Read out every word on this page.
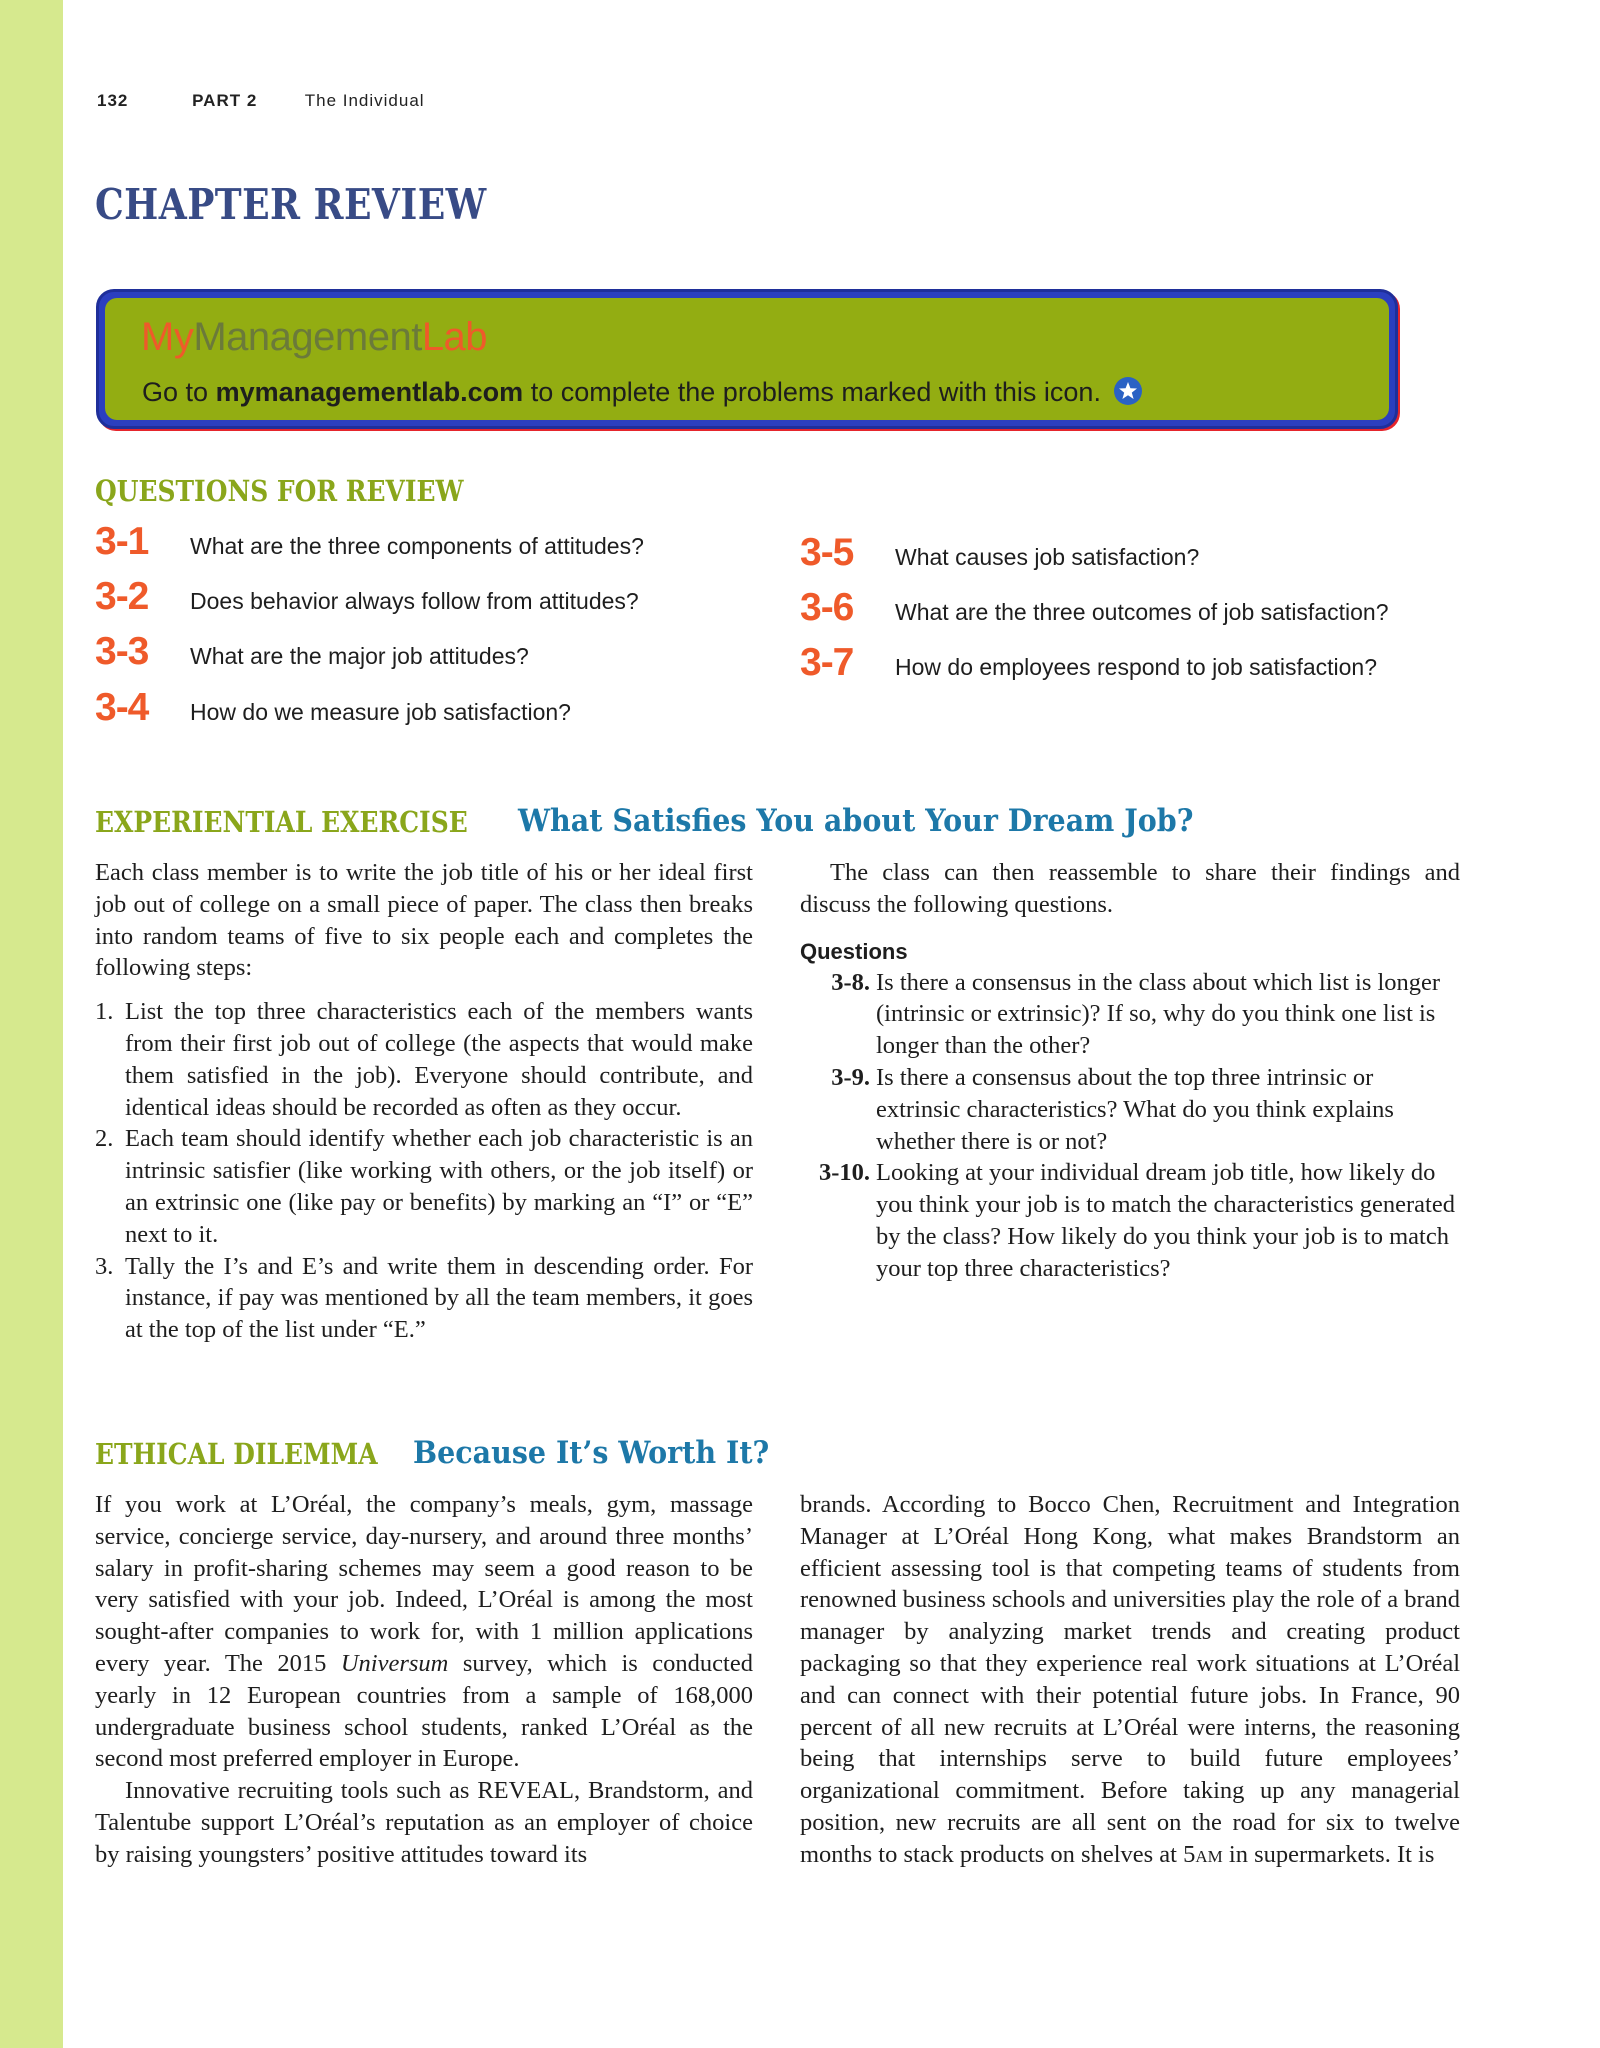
132	PART 2	The Individual
CHAPTER REVIEW
MyManagementLab
Go to mymanagementlab.com to complete the problems marked with this icon.
QUESTIONS FOR REVIEW
3-1	What are the three components of attitudes?
3-2	Does behavior always follow from attitudes?
3-3	What are the major job attitudes?
3-4	How do we measure job satisfaction?
3-5	What causes job satisfaction?
3-6	What are the three outcomes of job satisfaction?
3-7	How do employees respond to job satisfaction?
EXPERIENTIAL EXERCISE What Satisfies You about Your Dream Job?

Each class member is to write the job title of his or her ideal first job out of college on a small piece of paper. The class then breaks into random teams of five to six people each and completes the following steps:

1. List the top three characteristics each of the members wants from their first job out of college (the aspects that would make them satisfied in the job). Everyone should contribute, and identical ideas should be recorded as often as they occur.
2. Each team should identify whether each job characteristic is an intrinsic satisfier (like working with others, or the job itself) or an extrinsic one (like pay or benefits) by marking an “I” or “E” next to it.
3. Tally the I’s and E’s and write them in descending order. For instance, if pay was mentioned by all the team members, it goes at the top of the list under “E.”

The class can then reassemble to share their findings and discuss the following questions.

Questions
3-8. Is there a consensus in the class about which list is longer (intrinsic or extrinsic)? If so, why do you think one list is longer than the other?
3-9. Is there a consensus about the top three intrinsic or extrinsic characteristics? What do you think explains whether there is or not?
3-10. Looking at your individual dream job title, how likely do you think your job is to match the characteristics generated by the class? How likely do you think your job is to match your top three characteristics?
ETHICAL DILEMMA Because It’s Worth It?

If you work at L’Oréal, the company’s meals, gym, massage service, concierge service, day-nursery, and around three months’ salary in profit-sharing schemes may seem a good reason to be very satisfied with your job. Indeed, L’Oréal is among the most sought-after companies to work for, with 1 million applications every year. The 2015 Universum survey, which is conducted yearly in 12 European countries from a sample of 168,000 undergraduate business school students, ranked L’Oréal as the second most preferred employer in Europe.

Innovative recruiting tools such as REVEAL, Brandstorm, and Talentube support L’Oréal’s reputation as an employer of choice by raising youngsters’ positive attitudes toward its

brands. According to Bocco Chen, Recruitment and Integration Manager at L’Oréal Hong Kong, what makes Brandstorm an efficient assessing tool is that competing teams of students from renowned business schools and universities play the role of a brand manager by analyzing market trends and creating product packaging so that they experience real work situations at L’Oréal and can connect with their potential future jobs. In France, 90 percent of all new recruits at L’Oréal were interns, the reasoning being that internships serve to build future employees’ organizational commitment. Before taking up any managerial position, new recruits are all sent on the road for six to twelve months to stack products on shelves at 5am in supermarkets. It is
